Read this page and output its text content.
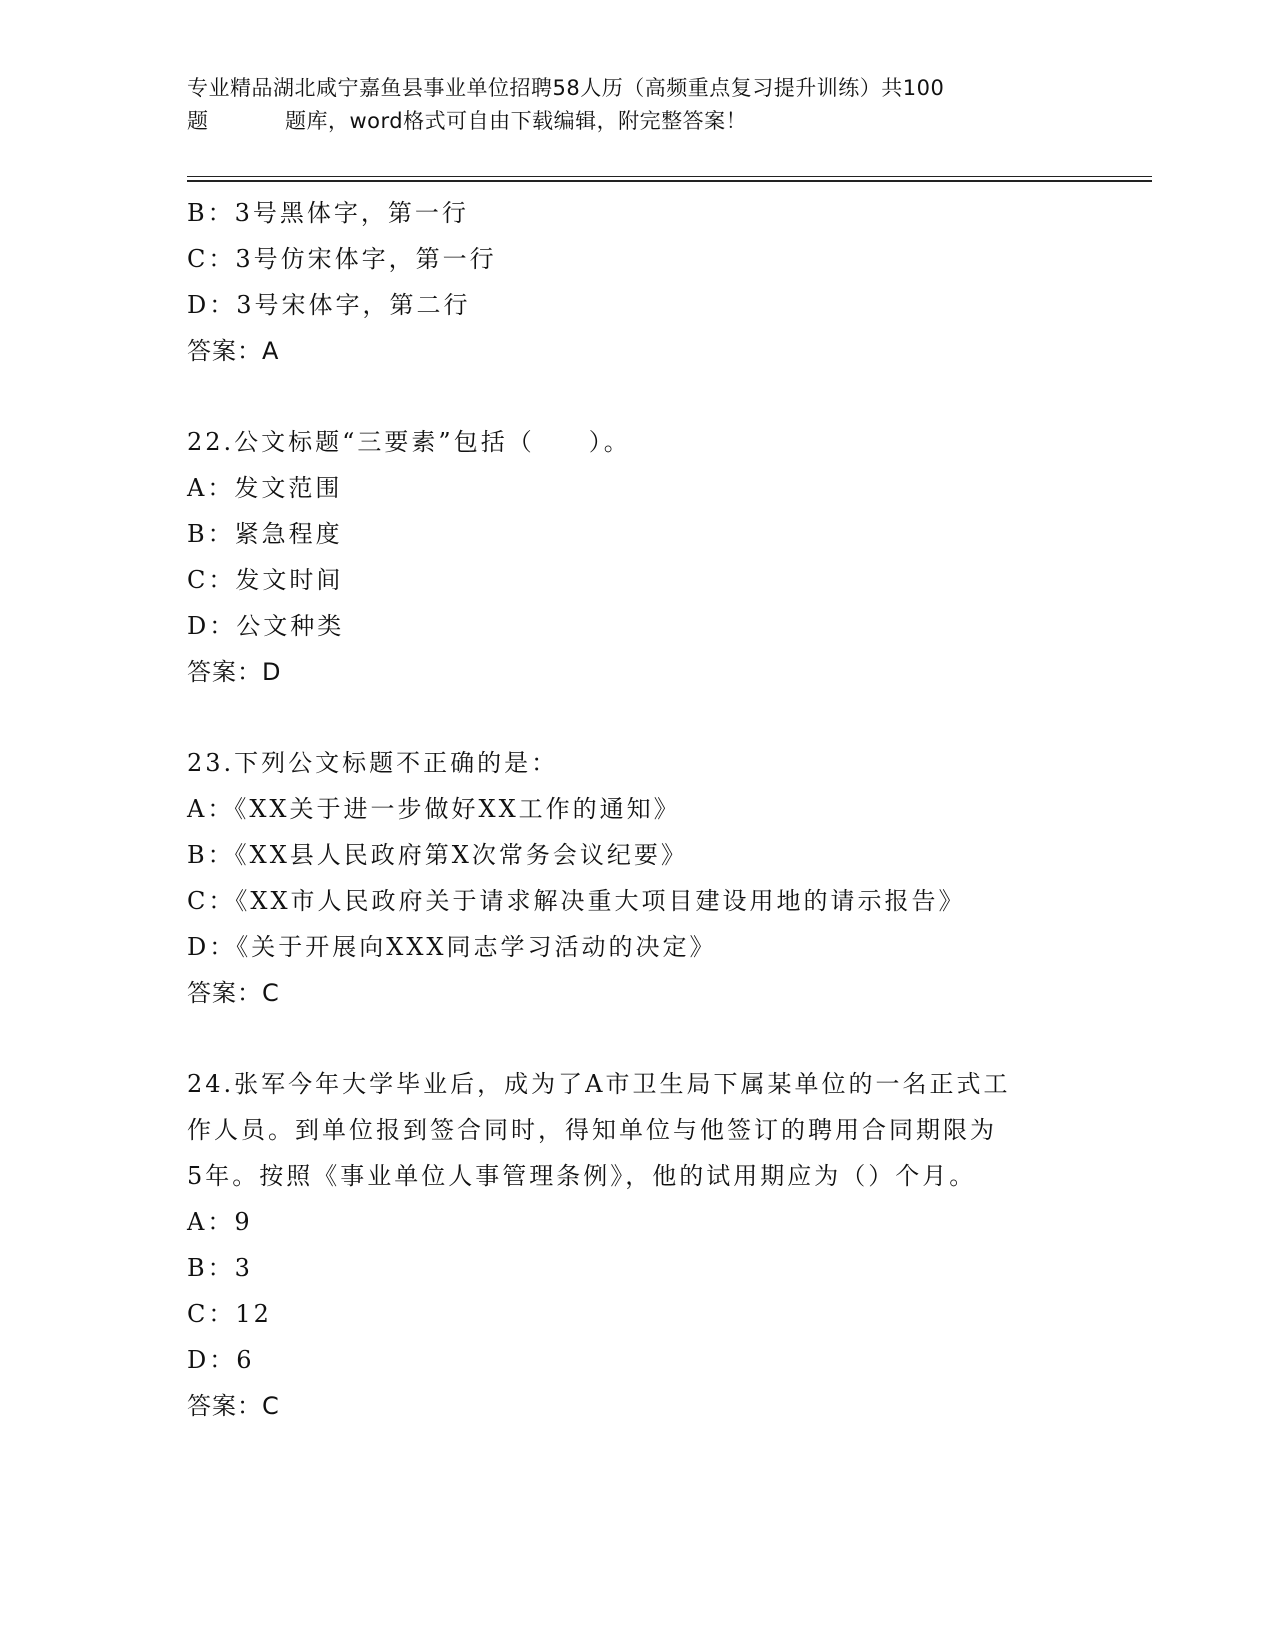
专业精品湖北咸宁嘉鱼县事业单位招聘58人历（高频重点复习提升训练）共100
题	题库，word格式可自由下载编辑，附完整答案！
B：3号黑体字，第一行
C：3号仿宋体字，第一行
D：3号宋体字，第二行
答案：A
22.公文标题“三要素”包括（　　）。
A：发文范围
B：紧急程度
C：发文时间
D：公文种类
答案：D
23.下列公文标题不正确的是：
A：《XX关于进一步做好XX工作的通知》
B：《XX县人民政府第X次常务会议纪要》
C：《XX市人民政府关于请求解决重大项目建设用地的请示报告》
D：《关于开展向XXX同志学习活动的决定》
答案：C
24.张军今年大学毕业后，成为了A市卫生局下属某单位的一名正式工
作人员。到单位报到签合同时，得知单位与他签订的聘用合同期限为
5年。按照《事业单位人事管理条例》，他的试用期应为（）个月。
A：9
B：3
C：12
D：6
答案：C
